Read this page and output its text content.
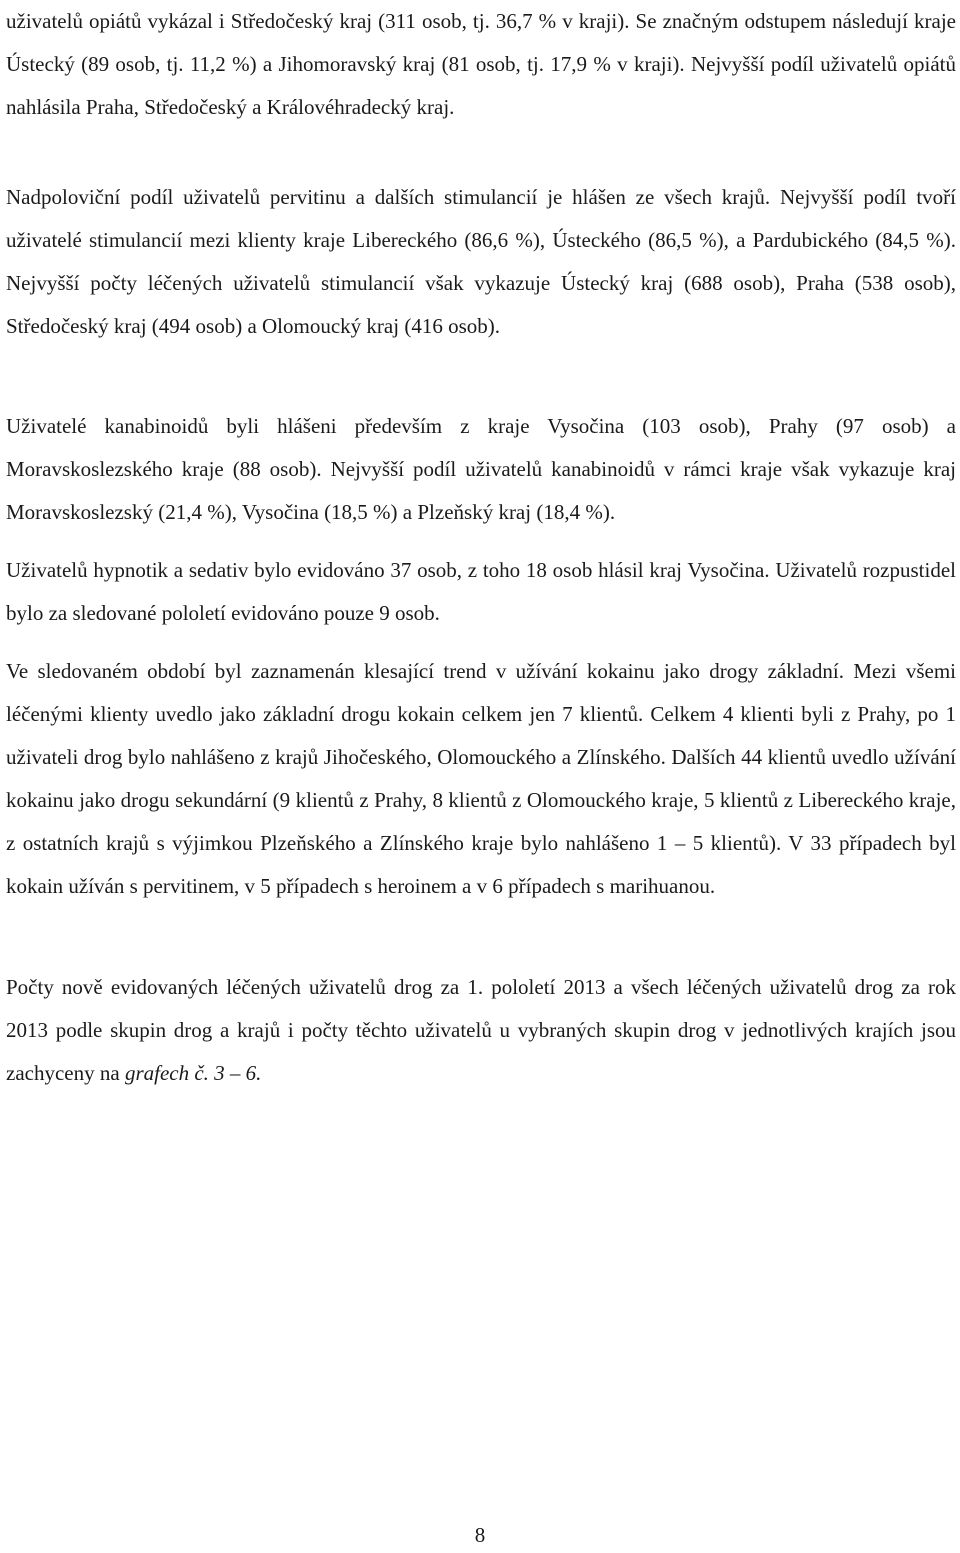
uživatelů opiátů vykázal i Středočeský kraj (311 osob, tj. 36,7 % v kraji). Se značným odstupem následují kraje Ústecký (89 osob, tj. 11,2 %) a Jihomoravský kraj (81 osob, tj. 17,9 % v kraji). Nejvyšší podíl uživatelů opiátů nahlásila Praha, Středočeský a Královéhradecký kraj.

Nadpoloviční podíl uživatelů pervitinu a dalších stimulancií je hlášen ze všech krajů. Nejvyšší podíl tvoří uživatelé stimulancií mezi klienty kraje Libereckého (86,6 %), Ústeckého (86,5 %), a Pardubického (84,5 %). Nejvyšší počty léčených uživatelů stimulancií však vykazuje Ústecký kraj (688 osob), Praha (538 osob), Středočeský kraj (494 osob) a Olomoucký kraj (416 osob).

Uživatelé kanabinoidů byli hlášeni především z kraje Vysočina (103 osob), Prahy (97 osob) a Moravskoslezského kraje (88 osob). Nejvyšší podíl uživatelů kanabinoidů v rámci kraje však vykazuje kraj Moravskoslezský (21,4 %), Vysočina (18,5 %) a Plzeňský kraj (18,4 %).

Uživatelů hypnotik a sedativ bylo evidováno 37 osob, z toho 18 osob hlásil kraj Vysočina. Uživatelů rozpustidel bylo za sledované pololetí evidováno pouze 9 osob.

Ve sledovaném období byl zaznamenán klesající trend v užívání kokainu jako drogy základní. Mezi všemi léčenými klienty uvedlo jako základní drogu kokain celkem jen 7 klientů. Celkem 4 klienti byli z Prahy, po 1 uživateli drog bylo nahlášeno z krajů Jihočeského, Olomouckého a Zlínského. Dalších 44 klientů uvedlo užívání kokainu jako drogu sekundární (9 klientů z Prahy, 8 klientů z Olomouckého kraje, 5 klientů z Libereckého kraje, z ostatních krajů s výjimkou Plzeňského a Zlínského kraje bylo nahlášeno 1 – 5 klientů). V 33 případech byl kokain užíván s pervitinem, v 5 případech s heroinem a v 6 případech s marihuanou.

Počty nově evidovaných léčených uživatelů drog za 1. pololetí 2013 a všech léčených uživatelů drog za rok 2013 podle skupin drog a krajů i počty těchto uživatelů u vybraných skupin drog v jednotlivých krajích jsou zachyceny na grafech č. 3 – 6.

8
